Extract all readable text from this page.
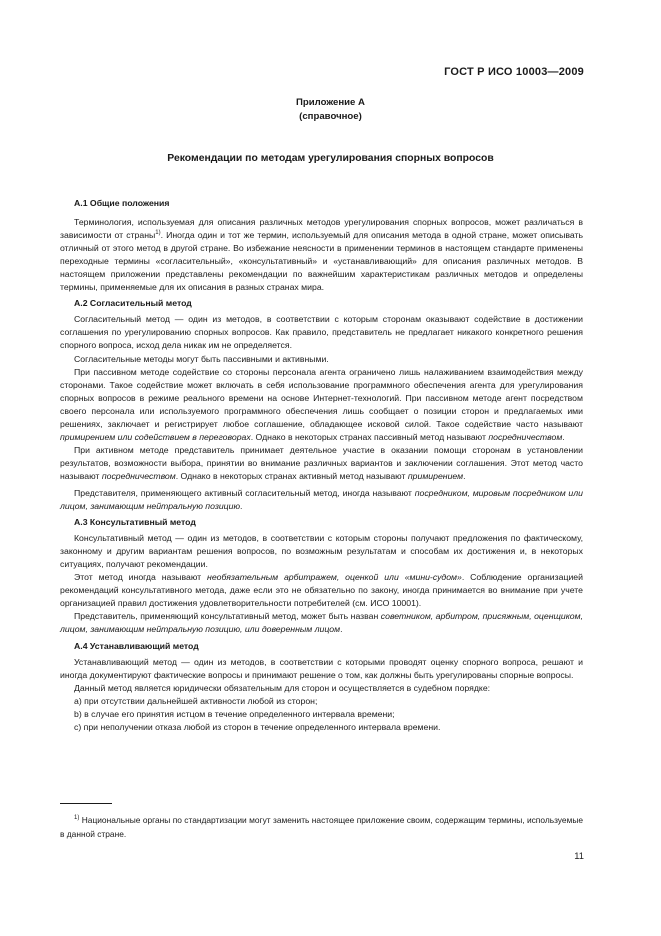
ГОСТ Р ИСО 10003—2009
Приложение А
(справочное)
Рекомендации по методам урегулирования спорных вопросов
А.1 Общие положения

Терминология, используемая для описания различных методов урегулирования спорных вопросов, может различаться в зависимости от страны$^{1)}$. Иногда один и тот же термин, используемый для описания метода в одной стране, может описывать отличный от этого метод в другой стране. Во избежание неясности в применении терминов в настоящем стандарте применены переходные термины «согласительный», «консультативный» и «устанавливающий» для описания различных методов. В настоящем приложении представлены рекомендации по важнейшим характеристикам различных методов и определены термины, применяемые для их описания в разных странах мира.

А.2 Согласительный метод

Согласительный метод — один из методов, в соответствии с которым сторонам оказывают содействие в достижении соглашения по урегулированию спорных вопросов. Как правило, представитель не предлагает никакого конкретного решения спорного вопроса, исход дела никак им не определяется.

Согласительные методы могут быть пассивными и активными.

При пассивном методе содействие со стороны персонала агента ограничено лишь налаживанием взаимодействия между сторонами. Такое содействие может включать в себя использование программного обеспечения агента для урегулирования спорных вопросов в режиме реального времени на основе Интернет-технологий. При пассивном методе агент посредством своего персонала или используемого программного обеспечения лишь сообщает о позиции сторон и предлагаемых ими решениях, заключает и регистрирует любое соглашение, обладающее исковой силой. Такое содействие часто называют примирением или содействием в переговорах. Однако в некоторых странах пассивный метод называют посредничеством.

При активном методе представитель принимает деятельное участие в оказании помощи сторонам в установлении результатов, возможности выбора, принятии во внимание различных вариантов и заключении соглашения. Этот метод часто называют посредничеством. Однако в некоторых странах активный метод называют примирением.

Представителя, применяющего активный согласительный метод, иногда называют посредником, мировым посредником или лицом, занимающим нейтральную позицию.

А.3 Консультативный метод

Консультативный метод — один из методов, в соответствии с которым стороны получают предложения по фактическому, законному и другим вариантам решения вопросов, по возможным результатам и способам их достижения и, в некоторых ситуациях, получают рекомендации.

Этот метод иногда называют необязательным арбитражем, оценкой или «мини-судом». Соблюдение организацией рекомендаций консультативного метода, даже если это не обязательно по закону, иногда принимается во внимание при учете организацией правил достижения удовлетворительности потребителей (см. ИСО 10001).

Представитель, применяющий консультативный метод, может быть назван советником, арбитром, присяжным, оценщиком, лицом, занимающим нейтральную позицию, или доверенным лицом.

А.4 Устанавливающий метод

Устанавливающий метод — один из методов, в соответствии с которыми проводят оценку спорного вопроса, решают и иногда документируют фактические вопросы и принимают решение о том, как должны быть урегулированы спорные вопросы.

Данный метод является юридически обязательным для сторон и осуществляется в судебном порядке:

а) при отсутствии дальнейшей активности любой из сторон;

b) в случае его принятия истцом в течение определенного интервала времени;

c) при неполучении отказа любой из сторон в течение определенного интервала времени.

$^{1)}$ Национальные органы по стандартизации могут заменить настоящее приложение своим, содержащим термины, используемые в данной стране.
11
